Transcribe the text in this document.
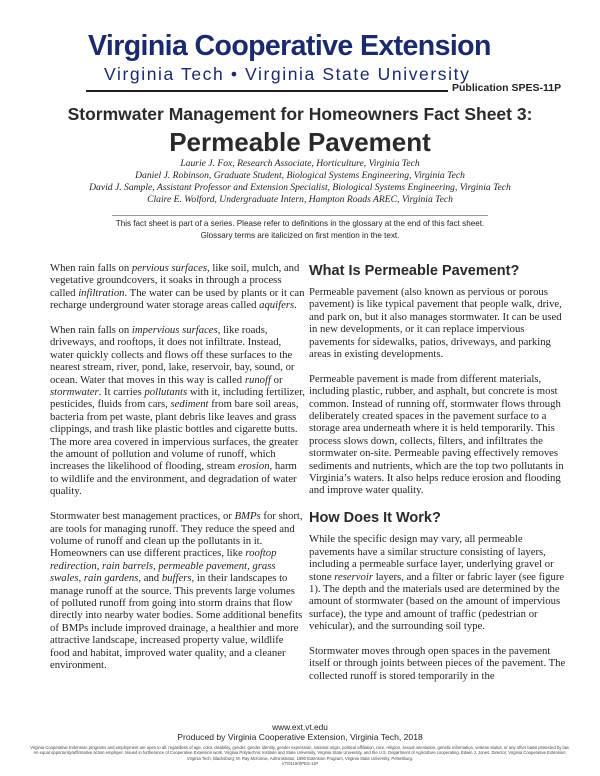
Virginia Cooperative Extension
Virginia Tech • Virginia State University
Publication SPES-11P
Stormwater Management for Homeowners Fact Sheet 3:
Permeable Pavement
Laurie J. Fox, Research Associate, Horticulture, Virginia Tech
Daniel J. Robinson, Graduate Student, Biological Systems Engineering, Virginia Tech
David J. Sample, Assistant Professor and Extension Specialist, Biological Systems Engineering, Virginia Tech
Claire E. Wolford, Undergraduate Intern, Hampton Roads AREC, Virginia Tech
This fact sheet is part of a series. Please refer to definitions in the glossary at the end of this fact sheet.
Glossary terms are italicized on first mention in the text.

When rain falls on pervious surfaces, like soil, mulch, and vegetative groundcovers, it soaks in through a process called infiltration. The water can be used by plants or it can recharge underground water storage areas called aquifers.

When rain falls on impervious surfaces, like roads, driveways, and rooftops, it does not infiltrate. Instead, water quickly collects and flows off these surfaces to the nearest stream, river, pond, lake, reservoir, bay, sound, or ocean. Water that moves in this way is called runoff or stormwater. It carries pollutants with it, including fertilizer, pesticides, fluids from cars, sediment from bare soil areas, bacteria from pet waste, plant debris like leaves and grass clippings, and trash like plastic bottles and cigarette butts. The more area covered in impervious surfaces, the greater the amount of pollution and volume of runoff, which increases the likelihood of flooding, stream erosion, harm to wildlife and the environment, and degradation of water quality.

Stormwater best management practices, or BMPs for short, are tools for managing runoff. They reduce the speed and volume of runoff and clean up the pollutants in it. Homeowners can use different practices, like rooftop redirection, rain barrels, permeable pavement, grass swales, rain gardens, and buffers, in their landscapes to manage runoff at the source. This prevents large volumes of polluted runoff from going into storm drains that flow directly into nearby water bodies. Some additional benefits of BMPs include improved drainage, a healthier and more attractive landscape, increased property value, wildlife food and habitat, improved water quality, and a cleaner environment.

What Is Permeable Pavement?

Permeable pavement (also known as pervious or porous pavement) is like typical pavement that people walk, drive, and park on, but it also manages stormwater. It can be used in new developments, or it can replace impervious pavements for sidewalks, patios, driveways, and parking areas in existing developments.

Permeable pavement is made from different materials, including plastic, rubber, and asphalt, but concrete is most common. Instead of running off, stormwater flows through deliberately created spaces in the pavement surface to a storage area underneath where it is held temporarily. This process slows down, collects, filters, and infiltrates the stormwater on-site. Permeable paving effectively removes sediments and nutrients, which are the top two pollutants in Virginia’s waters. It also helps reduce erosion and flooding and improve water quality.

How Does It Work?

While the specific design may vary, all permeable pavements have a similar structure consisting of layers, including a permeable surface layer, underlying gravel or stone reservoir layers, and a filter or fabric layer (see figure 1). The depth and the materials used are determined by the amount of stormwater (based on the amount of impervious surface), the type and amount of traffic (pedestrian or vehicular), and the surrounding soil type.

Stormwater moves through open spaces in the pavement itself or through joints between pieces of the pavement. The collected runoff is stored temporarily in the

www.ext.vt.edu
Produced by Virginia Cooperative Extension, Virginia Tech, 2018
Virginia Cooperative Extension programs and employment are open to all, regardless of age, color, disability, gender, gender identity, gender expression, national origin, political affiliation, race, religion, sexual orientation, genetic information, veteran status, or any other basis protected by law. An equal opportunity/affirmative action employer. Issued in furtherance of Cooperative Extension work, Virginia Polytechnic Institute and State University, Virginia State University, and the U.S. Department of Agriculture cooperating. Edwin J. Jones, Director, Virginia Cooperative Extension, Virginia Tech, Blacksburg; M. Ray McKinnie, Administrator, 1890 Extension Program, Virginia State University, Petersburg.
VT/0118/SPES-11P
